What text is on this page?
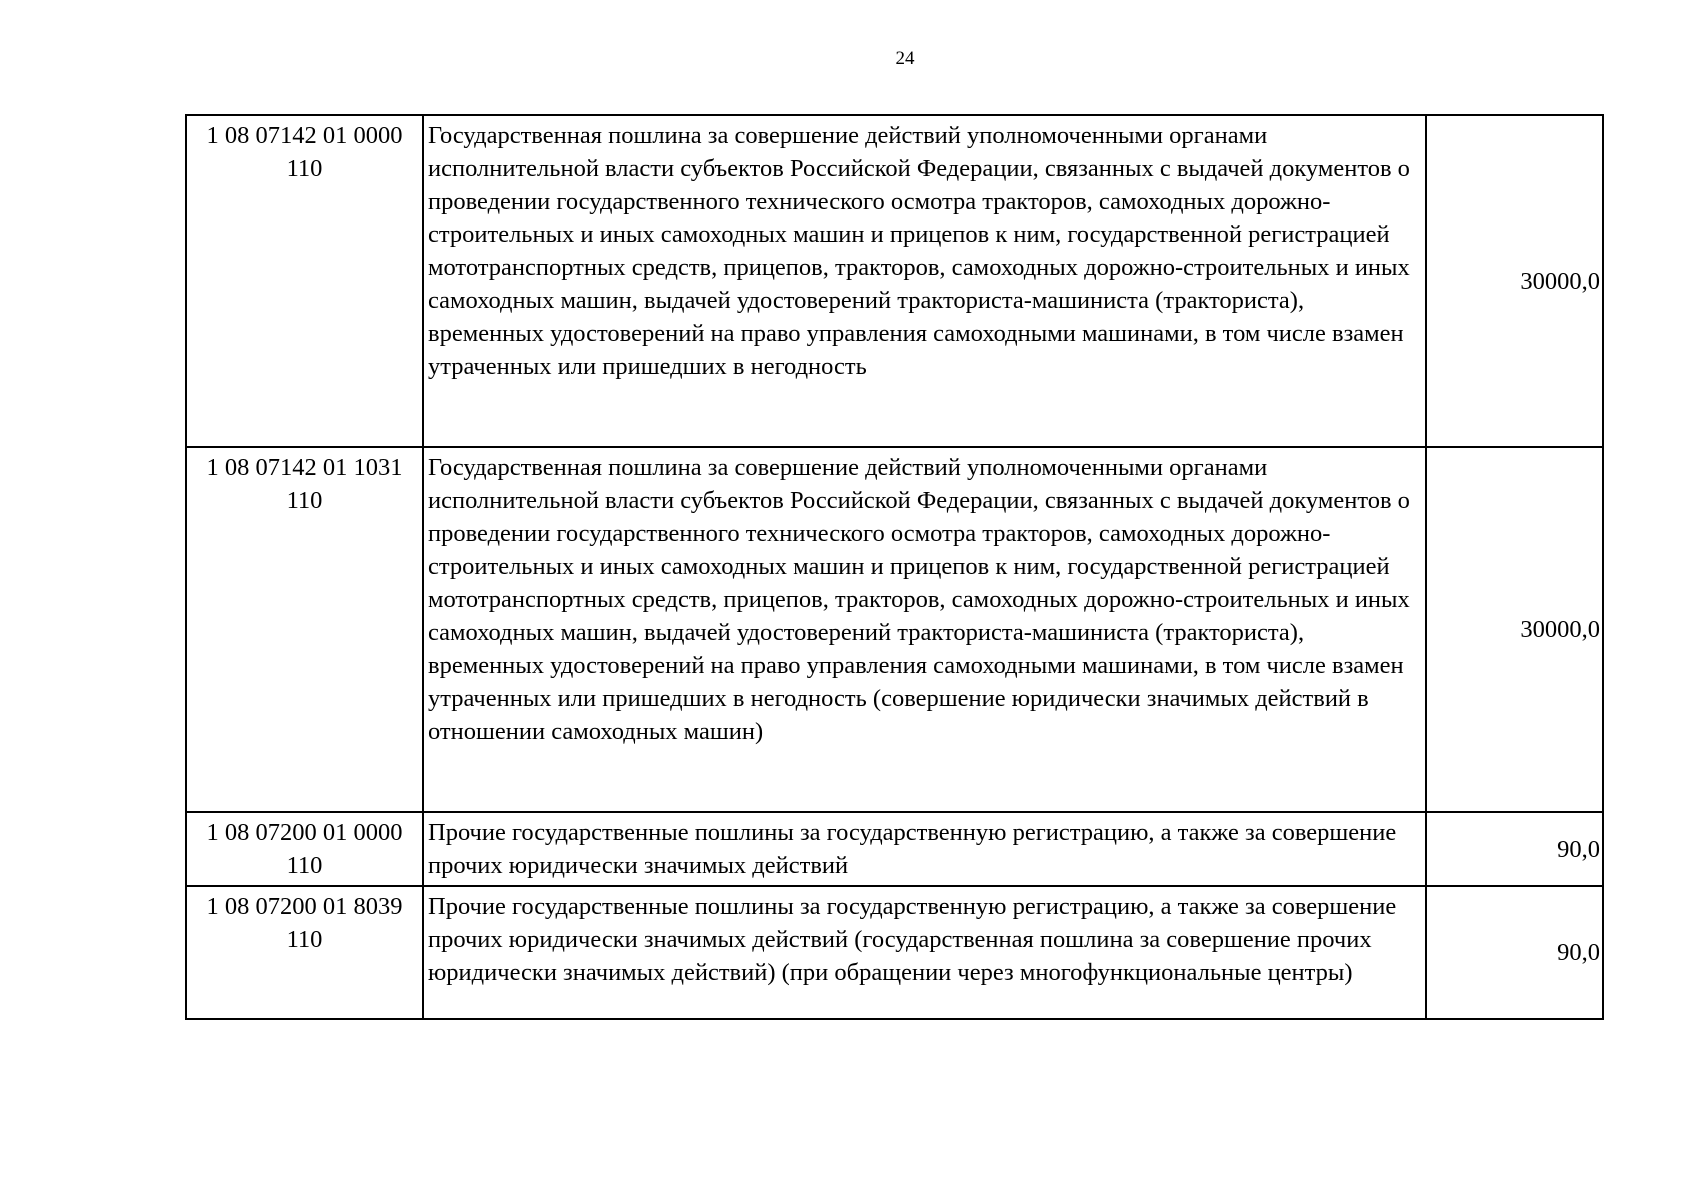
24
1 08 07142 01 0000
110	Государственная пошлина за совершение действий уполномоченными органами исполнительной власти субъектов Российской Федерации, связанных с выдачей документов о проведении государственного технического осмотра тракторов, самоходных дорожно-строительных и иных самоходных машин и прицепов к ним, государственной регистрацией мототранспортных средств, прицепов, тракторов, самоходных дорожно-строительных и иных самоходных машин, выдачей удостоверений тракториста-машиниста (тракториста), временных удостоверений на право управления самоходными машинами, в том числе взамен утраченных или пришедших в негодность	30000,0

1 08 07142 01 1031
110	Государственная пошлина за совершение действий уполномоченными органами исполнительной власти субъектов Российской Федерации, связанных с выдачей документов о проведении государственного технического осмотра тракторов, самоходных дорожно-строительных и иных самоходных машин и прицепов к ним, государственной регистрацией мототранспортных средств, прицепов, тракторов, самоходных дорожно-строительных и иных самоходных машин, выдачей удостоверений тракториста-машиниста (тракториста), временных удостоверений на право управления самоходными машинами, в том числе взамен утраченных или пришедших в негодность (совершение юридически значимых действий в отношении самоходных машин)	30000,0

1 08 07200 01 0000
110	Прочие государственные пошлины за государственную регистрацию, а также за совершение прочих юридически значимых действий	90,0

1 08 07200 01 8039
110	Прочие государственные пошлины за государственную регистрацию, а также за совершение прочих юридически значимых действий (государственная пошлина за совершение прочих юридически значимых действий) (при обращении через многофункциональные центры)	90,0
